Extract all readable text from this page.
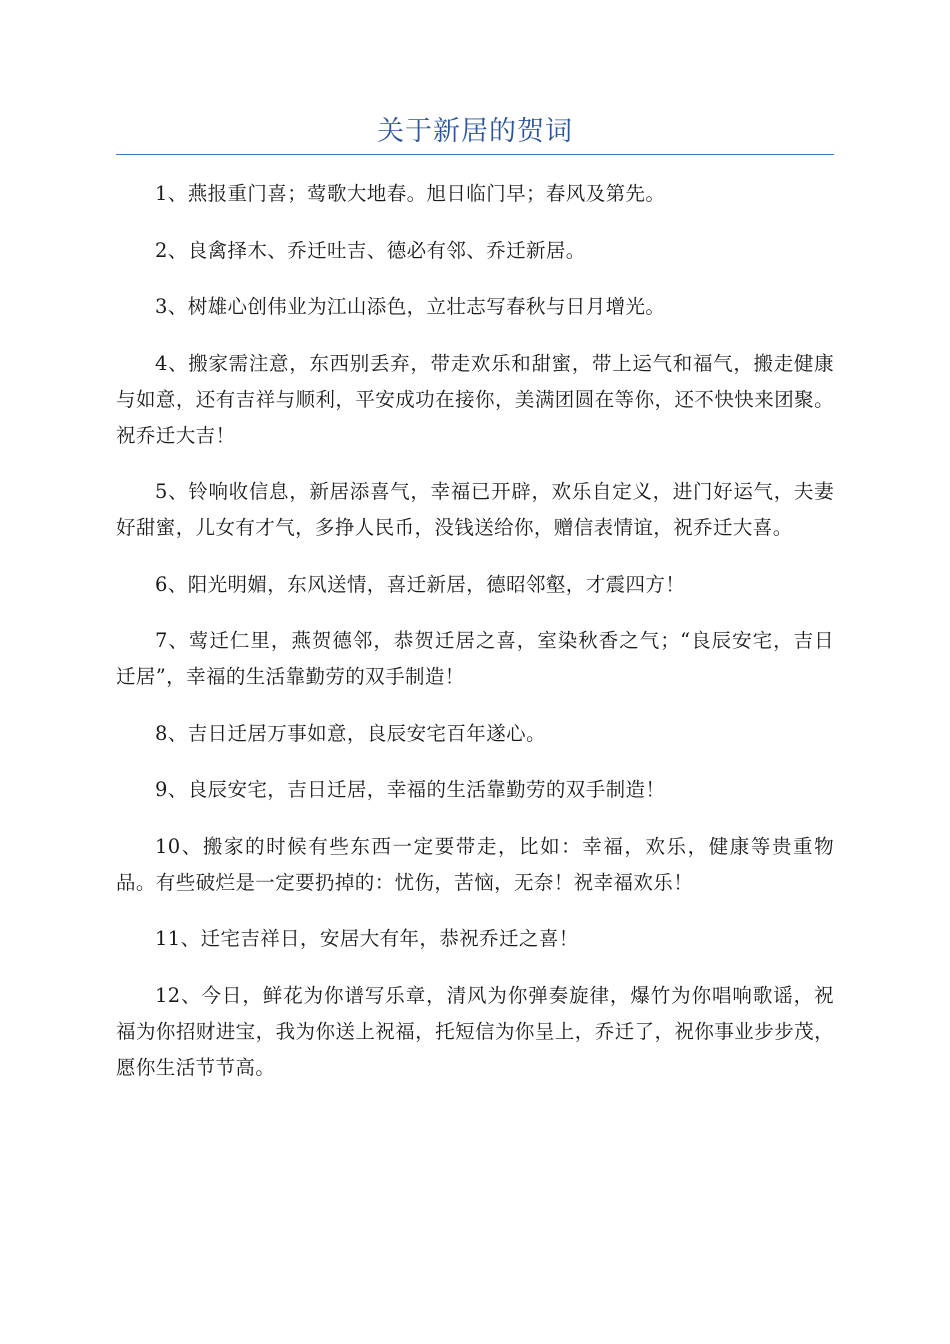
关于新居的贺词

1、燕报重门喜；莺歌大地春。旭日临门早；春风及第先。

2、良禽择木、乔迁吐吉、德必有邻、乔迁新居。

3、树雄心创伟业为江山添色，立壮志写春秋与日月增光。

4、搬家需注意，东西别丢弃，带走欢乐和甜蜜，带上运气和福气，搬走健康与如意，还有吉祥与顺利，平安成功在接你，美满团圆在等你，还不快快来团聚。祝乔迁大吉！

5、铃响收信息，新居添喜气，幸福已开辟，欢乐自定义，进门好运气，夫妻好甜蜜，儿女有才气，多挣人民币，没钱送给你，赠信表情谊，祝乔迁大喜。

6、阳光明媚，东风送情，喜迁新居，德昭邻壑，才震四方！

7、莺迁仁里，燕贺德邻，恭贺迁居之喜，室染秋香之气；“良辰安宅，吉日迁居”，幸福的生活靠勤劳的双手制造！

8、吉日迁居万事如意，良辰安宅百年遂心。

9、良辰安宅，吉日迁居，幸福的生活靠勤劳的双手制造！

10、搬家的时候有些东西一定要带走，比如：幸福，欢乐，健康等贵重物品。有些破烂是一定要扔掉的：忧伤，苦恼，无奈！祝幸福欢乐！

11、迁宅吉祥日，安居大有年，恭祝乔迁之喜！

12、今日，鲜花为你谱写乐章，清风为你弹奏旋律，爆竹为你唱响歌谣，祝福为你招财进宝，我为你送上祝福，托短信为你呈上，乔迁了，祝你事业步步茂，愿你生活节节高。
